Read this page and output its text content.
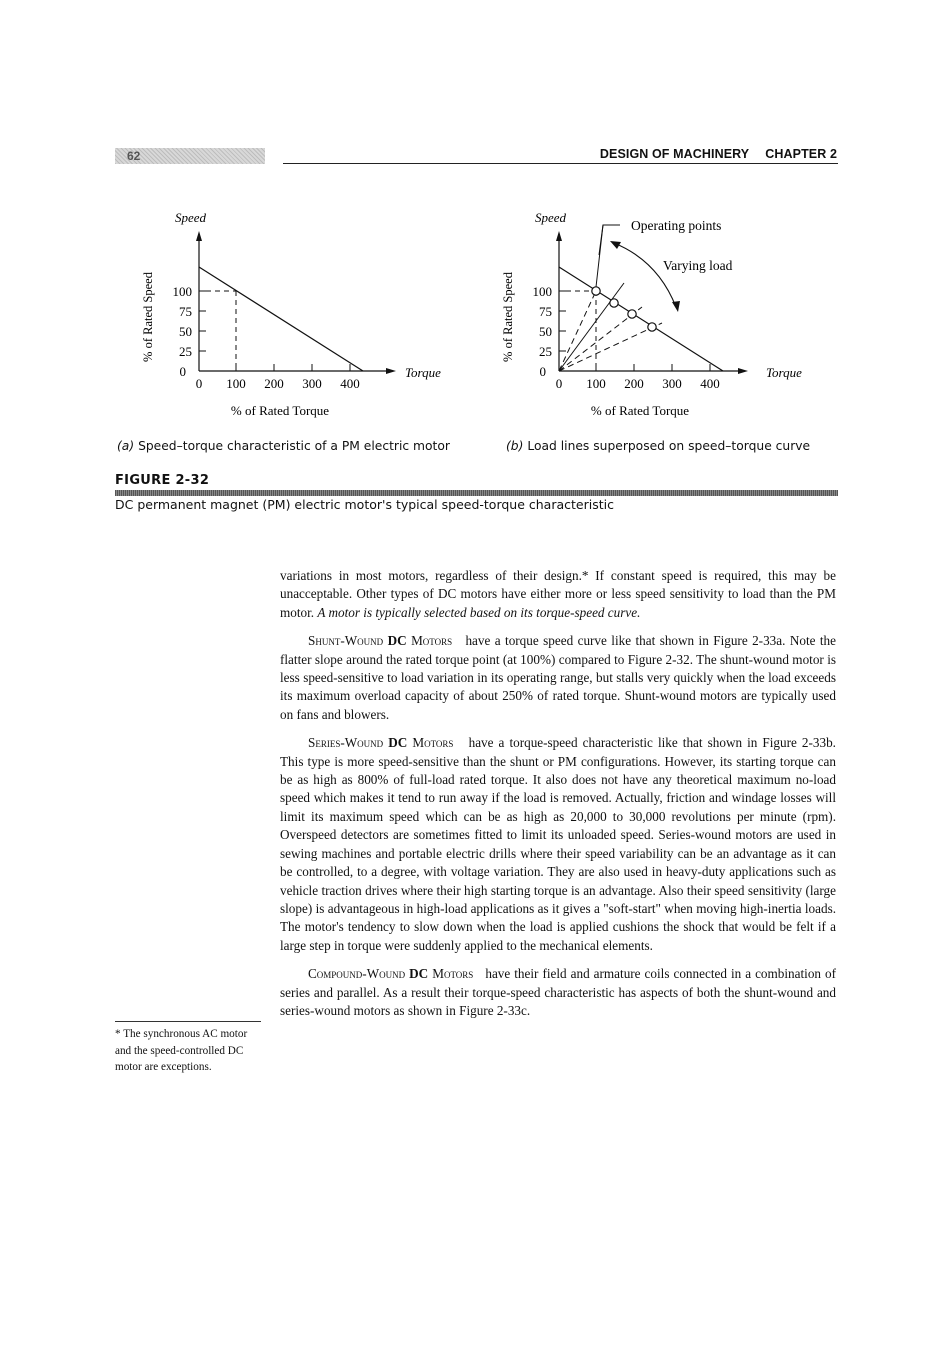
62	DESIGN OF MACHINERY CHAPTER 2
Speed
Torque
% of Rated Speed 100
75
50
25
0
0 100 200 300 400
% of Rated Torque
Speed
Torque
% of Rated Speed 100
75
50
25
0
0 100 200 300 400
Operating points
Varying load
% of Rated Torque
(a) Speed–torque characteristic of a PM electric motor	(b) Load lines superposed on speed–torque curve
FIGURE 2-32
DC permanent magnet (PM) electric motor's typical speed-torque characteristic

variations in most motors, regardless of their design.* If constant speed is required, this may be unacceptable. Other types of DC motors have either more or less speed sensitivity to load than the PM motor. A motor is typically selected based on its torque-speed curve.

Shunt-Wound DC Motors have a torque speed curve like that shown in Figure 2-33a. Note the flatter slope around the rated torque point (at 100%) compared to Figure 2-32. The shunt-wound motor is less speed-sensitive to load variation in its operating range, but stalls very quickly when the load exceeds its maximum overload capacity of about 250% of rated torque. Shunt-wound motors are typically used on fans and blowers.

Series-Wound DC Motors have a torque-speed characteristic like that shown in Figure 2-33b. This type is more speed-sensitive than the shunt or PM configurations. However, its starting torque can be as high as 800% of full-load rated torque. It also does not have any theoretical maximum no-load speed which makes it tend to run away if the load is removed. Actually, friction and windage losses will limit its maximum speed which can be as high as 20,000 to 30,000 revolutions per minute (rpm). Overspeed detectors are sometimes fitted to limit its unloaded speed. Series-wound motors are used in sewing machines and portable electric drills where their speed variability can be an advantage as it can be controlled, to a degree, with voltage variation. They are also used in heavy-duty applications such as vehicle traction drives where their high starting torque is an advantage. Also their speed sensitivity (large slope) is advantageous in high-load applications as it gives a "soft-start" when moving high-inertia loads. The motor's tendency to slow down when the load is applied cushions the shock that would be felt if a large step in torque were suddenly applied to the mechanical elements.

Compound-Wound DC Motors have their field and armature coils connected in a combination of series and parallel. As a result their torque-speed characteristic has aspects of both the shunt-wound and series-wound motors as shown in Figure 2-33c.

* The synchronous AC motor and the speed-controlled DC motor are exceptions.
